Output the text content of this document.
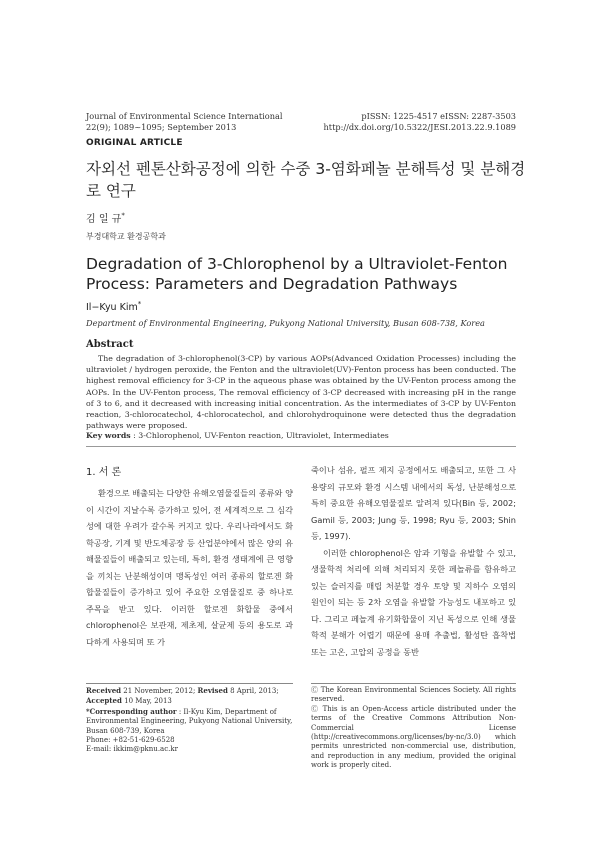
Journal of Environmental Science International
22(9); 1089~1095; September 2013
pISSN: 1225-4517 eISSN: 2287-3503
http://dx.doi.org/10.5322/JESI.2013.22.9.1089
ORIGINAL ARTICLE
자외선 펜톤산화공정에 의한 수중 3-염화페놀 분해특성 및 분해경로 연구
김 일 규*
부경대학교 환경공학과
Degradation of 3-Chlorophenol by a Ultraviolet-Fenton Process: Parameters and Degradation Pathways
Il−Kyu Kim*
Department of Environmental Engineering, Pukyong National University, Busan 608-738, Korea
Abstract
The degradation of 3-chlorophenol(3-CP) by various AOPs(Advanced Oxidation Processes) including the ultraviolet / hydrogen peroxide, the Fenton and the ultraviolet(UV)-Fenton process has been conducted. The highest removal efficiency for 3-CP in the aqueous phase was obtained by the UV-Fenton process among the AOPs. In the UV-Fenton process, The removal efficiency of 3-CP decreased with increasing pH in the range of 3 to 6, and it decreased with increasing initial concentration. As the intermediates of 3-CP by UV-Fenton reaction, 3-chlorocatechol, 4-chlorocatechol, and chlorohydroquinone were detected thus the degradation pathways were proposed.
Key words : 3-Chlorophenol, UV-Fenton reaction, Ultraviolet, Intermediates
1. 서 론

환경으로 배출되는 다양한 유해오염물질들의 종류와 양이 시간이 지날수록 증가하고 있어, 전 세계적으로 그 심각성에 대한 우려가 갈수록 커지고 있다. 우리나라에서도 화학공장, 기계 및 반도체공장 등 산업분야에서 많은 양의 유해물질들이 배출되고 있는데, 특히, 환경 생태계에 큰 영향을 끼치는 난분해성이며 맹독성인 여러 종류의 할로겐 화합물질들이 증가하고 있어 주요한 오염물질로 중 하나로 주목을 받고 있다. 이러한 할로겐 화합물 중에서 chlorophenol은 보관재, 제초제, 살균제 등의 용도로 과다하게 사용되며 또 가

죽이나 섬유, 펄프 제지 공정에서도 배출되고, 또한 그 사용량의 규모와 환경 시스템 내에서의 독성, 난분해성으로 특히 중요한 유해오염물질로 알려져 있다(Bin 등, 2002; Gamil 등, 2003; Jung 등, 1998; Ryu 등, 2003; Shin 등, 1997).

이러한 chlorophenol은 암과 기형을 유발할 수 있고, 생물학적 처리에 의해 처리되지 못한 페놀류를 함유하고 있는 슬러지를 매립 처분할 경우 토양 및 지하수 오염의 원인이 되는 등 2차 오염을 유발할 가능성도 내포하고 있다. 그리고 페놀계 유기화합물이 지닌 독성으로 인해 생물학적 분해가 어렵기 때문에 용매 추출법, 활성탄 흡착법 또는 고온, 고압의 공정을 동반

Received 21 November, 2012; Revised 8 April, 2013;
Accepted 10 May, 2013
*Corresponding author : Il-Kyu Kim, Department of Environmental Engineering, Pukyong National University, Busan 608-739, Korea
Phone: +82-51-629-6528
E-mail: ikkim@pknu.ac.kr
Ⓒ The Korean Environmental Sciences Society. All rights reserved.
Ⓒ This is an Open-Access article distributed under the terms of the Creative Commons Attribution Non-Commercial License (http://creativecommons.org/licenses/by-nc/3.0) which permits unrestricted non-commercial use, distribution, and reproduction in any medium, provided the original work is properly cited.
